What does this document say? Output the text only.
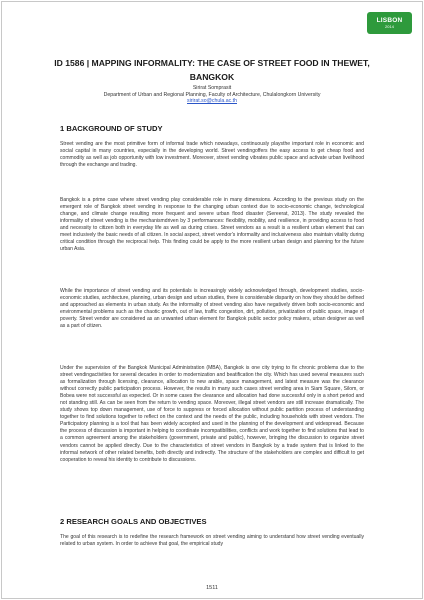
LISBON
2014
ID 1586 | MAPPING INFORMALITY: THE CASE OF STREET FOOD IN THEWET, BANGKOK
Sirirat Somprasit
Department of Urban and Regional Planning, Faculty of Architecture, Chulalongkorn University
sirirat.so@chula.ac.th
1 BACKGROUND OF STUDY
Street vending are the most primitive form of informal trade which nowadays, continuously playsthe important role in economic and social capital in many countries, especially in the developing world. Street vendingoffers the easy access to get cheap food and commodity as well as job opportunity with low investment. Moreover, street vending vibrates public space and activate urban livelihood through the exchange and trading.
Bangkok is a prime case where street vending play considerable role in many dimensions. According to the previous study on the emergent role of Bangkok street vending in response to the changing urban context due to socio-economic change, technological change, and climate change resulting more frequent and severe urban flood disaster (Sereerat, 2013). The study revealed the informality of street vending is the mechanismdriven by 3 performances: flexibility, mobility, and resilience, in providing access to food and necessity to citizen both in everyday life as well as during crises. Street vendors as a result is a resilient urban element that can meet inclusively the basic needs of all citizen. In social aspect, street vendor's informality and inclusiveness also maintain vitality during critical condition through the reciprocal help. This finding could be apply to the more resilient urban design and planning for the future urban Asia.
While the importance of street vending and its potentials is increasingly widely acknowledged through, development studies, socio-economic studies, architecture, planning, urban design and urban studies, there is considerable disparity on how they should be defined and approached as elements in urban study. As the informality of street vending also have negatively driven both socio-economic and environmental problems such as the chaotic growth, out of law, traffic congestion, dirt, pollution, privatization of public space, image of poverty. Street vendor are considered as an unwanted urban element for Bangkok public sector policy makers, urban designer as well as a part of citizen.
Under the supervision of the Bangkok Municipal Administration (MBA), Bangkok is one city trying to fix chronic problems due to the street vendingactivities for several decades in order to modernization and beatification the city. Which has used several measures such as formalization through licensing, clearance, allocation to new arable, space management, and latest measure was the clearance without correctly public participation process. However, the results in many such cases street vending area in Siam Square, Silom, or Bobea were not successful as expected. Or in some cases the clearance and allocation had done successful only in a short period and not standing still. As can be seen from the return to vending space. Moreover, illegal street vendors are still increase dramatically. The study shows top down management, use of force to suppress or forced allocation without public partition process of understanding together to find solutions together to reflect on the context and the needs of the public, including households with street vendors. The Participatory planning is a tool that has been widely accepted and used in the planning of the development and widespread. Because the process of discussion is important in helping to coordinate incompatibilities, conflicts and work together to find solutions that lead to a common agreement among the stakeholders (government, private and public), however, bringing the discussion to organize street vendors cannot be applied directly. Due to the characteristics of street vendors in Bangkok by a trade system that is linked to the informal network of other related benefits, both directly and indirectly. The structure of the stakeholders are complex and difficult to get cooperation to reveal his identity to contribute to discussions.
2 RESEARCH GOALS AND OBJECTIVES
The goal of this research is to redefine the research framework on street vending aiming to understand how street vending eventually related to urban system. In order to achieve that goal, the empirical study
1511
